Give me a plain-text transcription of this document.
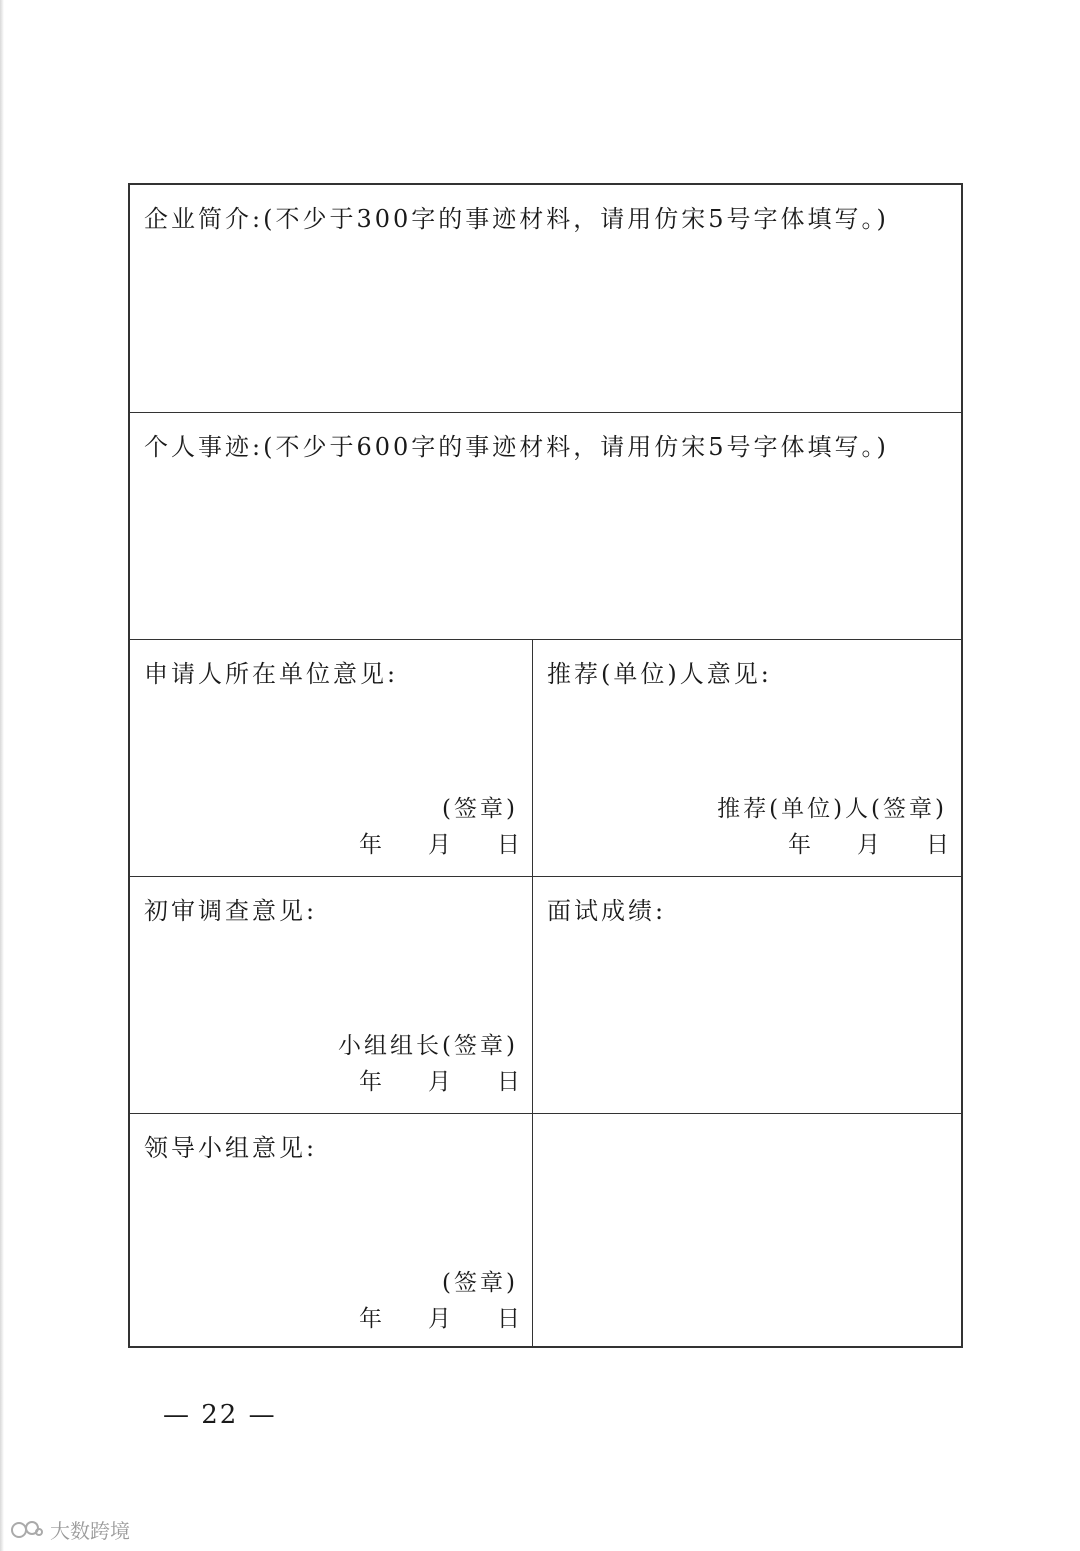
企业简介:(不少于300字的事迹材料，请用仿宋5号字体填写。)
个人事迹:(不少于600字的事迹材料，请用仿宋5号字体填写。)
申请人所在单位意见:
(签章)
年 月 日
推荐(单位)人意见:
推荐(单位)人(签章)
年 月 日
初审调查意见:
小组组长(签章)
年 月 日
面试成绩:
领导小组意见:
(签章)
年 月 日
— 22 —
大数跨境
